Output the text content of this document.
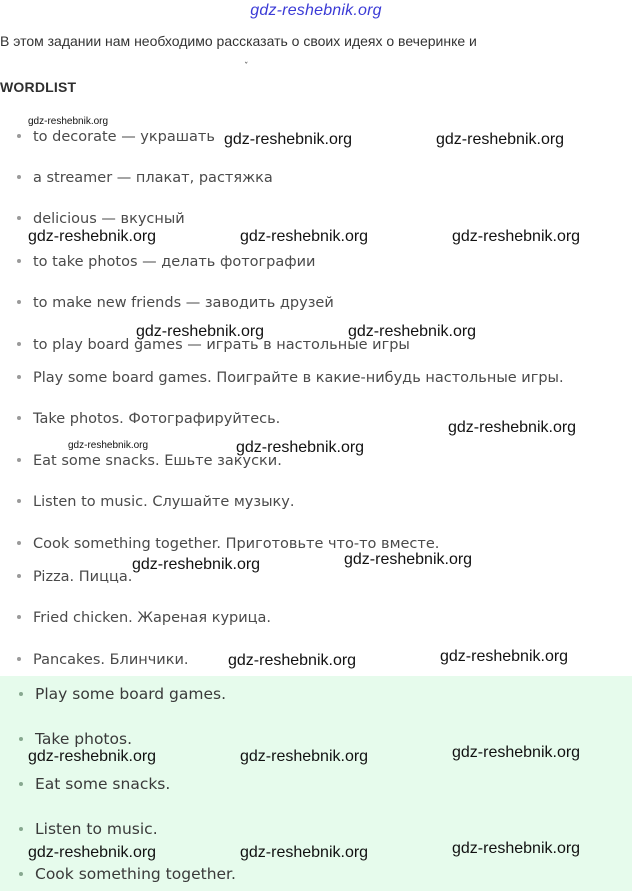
gdz-reshebnik.org
В этом задании нам необходимо рассказать о своих идеях о вечеринке и
ˇ
WORDLIST
to decorate — украшать
a streamer — плакат, растяжка
delicious — вкусный
to take photos — делать фотографии
to make new friends — заводить друзей
to play board games — играть в настольные игры
Play some board games. Поиграйте в какие-нибудь настольные игры.
Take photos. Фотографируйтесь.
Eat some snacks. Ешьте закуски.
Listen to music. Слушайте музыку.
Cook something together. Приготовьте что-то вместе.
Pizza. Пицца.
Fried chicken. Жареная курица.
Pancakes. Блинчики.
Play some board games.
Take photos.
Eat some snacks.
Listen to music.
Cook something together.
gdz-reshebnik.org
gdz-reshebnik.org	gdz-reshebnik.org
gdz-reshebnik.org	gdz-reshebnik.org	gdz-reshebnik.org
gdz-reshebnik.org	gdz-reshebnik.org
gdz-reshebnik.org
gdz-reshebnik.org	gdz-reshebnik.org
gdz-reshebnik.org
gdz-reshebnik.org
gdz-reshebnik.org
gdz-reshebnik.org
gdz-reshebnik.org
gdz-reshebnik.org	gdz-reshebnik.org
gdz-reshebnik.org
gdz-reshebnik.org	gdz-reshebnik.org
